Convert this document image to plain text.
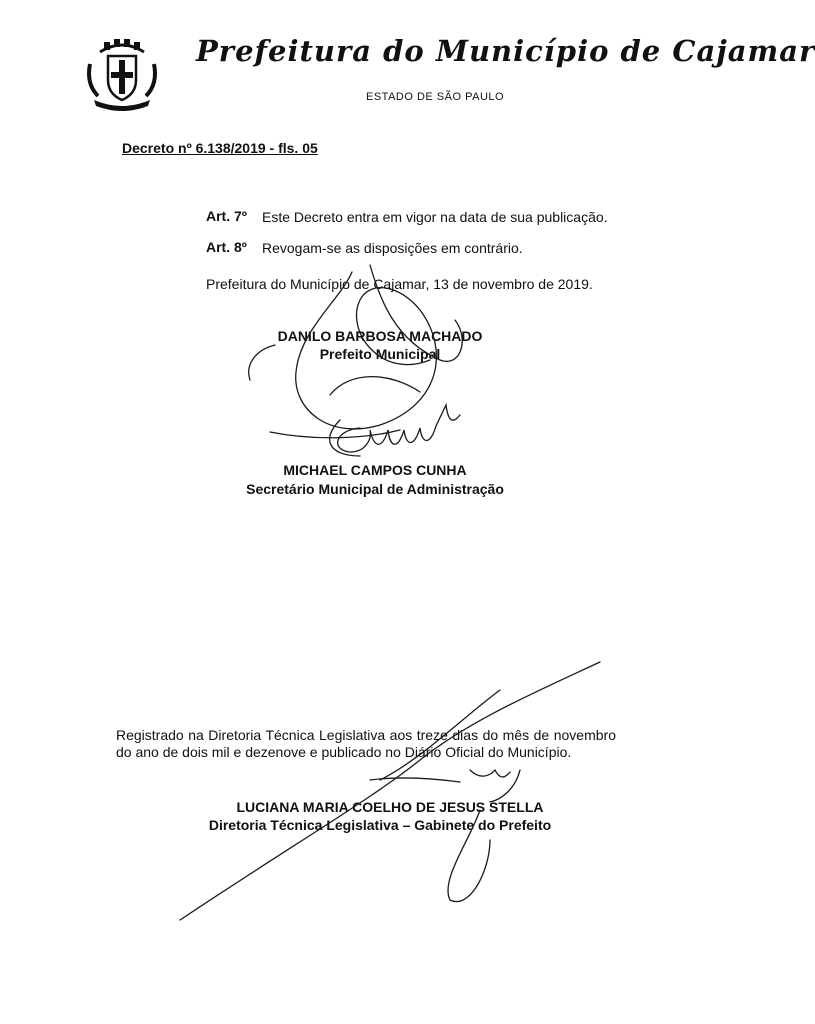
Prefeitura do Município de Cajamar
ESTADO DE SÃO PAULO
Decreto nº 6.138/2019 - fls. 05
Art. 7º Este Decreto entra em vigor na data de sua publicação.
Art. 8º Revogam-se as disposições em contrário.
Prefeitura do Município de Cajamar, 13 de novembro de 2019.
DANILO BARBOSA MACHADO
Prefeito Municipal
MICHAEL CAMPOS CUNHA
Secretário Municipal de Administração
Registrado na Diretoria Técnica Legislativa aos treze dias do mês de novembro do ano de dois mil e dezenove e publicado no Diário Oficial do Município.
LUCIANA MARIA COELHO DE JESUS STELLA
Diretoria Técnica Legislativa – Gabinete do Prefeito
